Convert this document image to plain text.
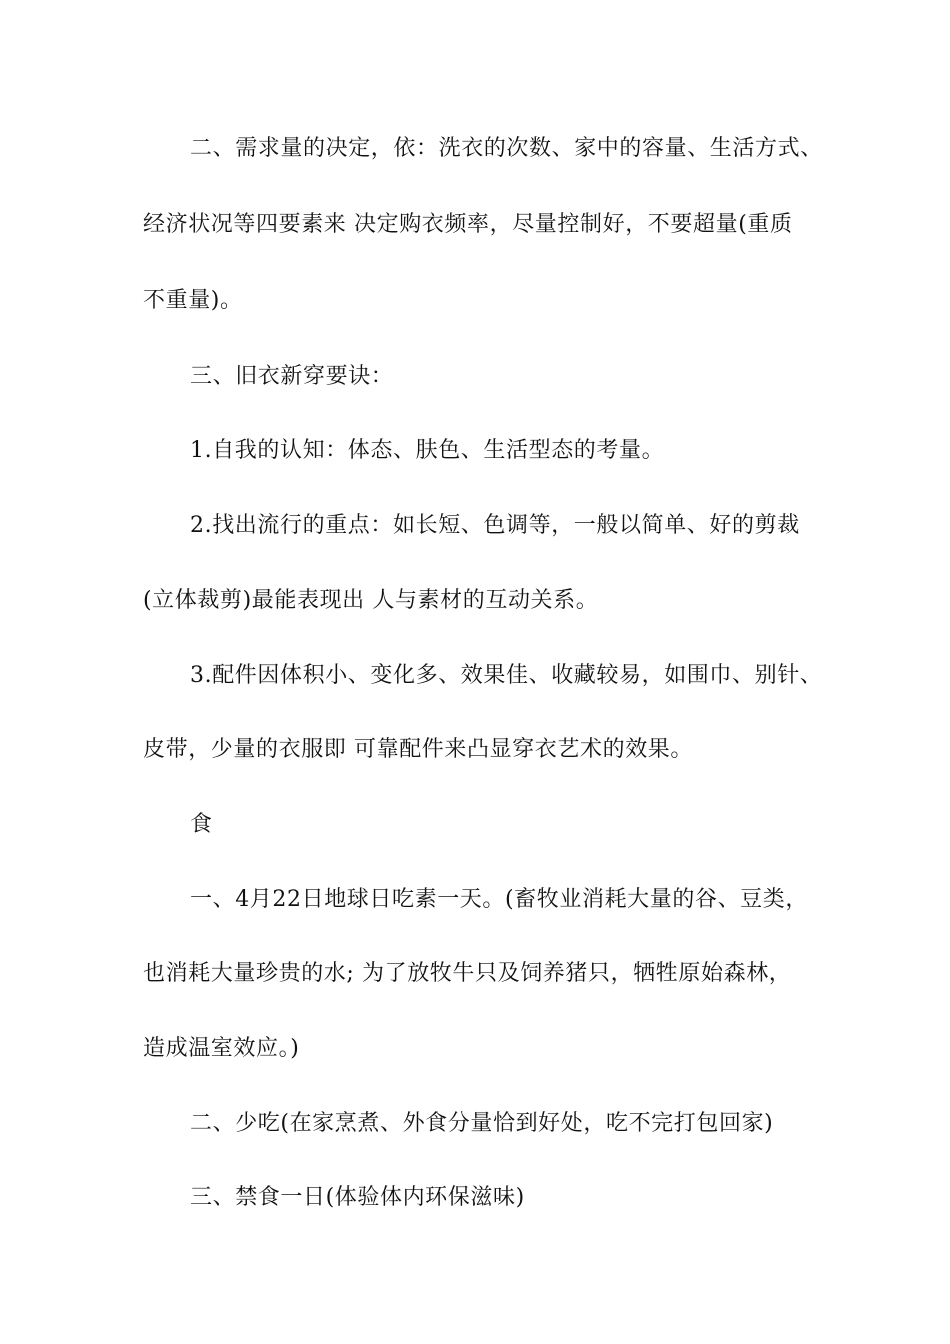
二、需求量的决定，依：洗衣的次数、家中的容量、生活方式、
经济状况等四要素来 决定购衣频率，尽量控制好，不要超量(重质
不重量)。
三、旧衣新穿要诀：
1.自我的认知：体态、肤色、生活型态的考量。
2.找出流行的重点：如长短、色调等，一般以简单、好的剪裁
(立体裁剪)最能表现出 人与素材的互动关系。
3.配件因体积小、变化多、效果佳、收藏较易，如围巾、别针、
皮带，少量的衣服即 可靠配件来凸显穿衣艺术的效果。
食
一、4月22日地球日吃素一天。(畜牧业消耗大量的谷、豆类，
也消耗大量珍贵的水; 为了放牧牛只及饲养猪只，牺牲原始森林，
造成温室效应。)
二、少吃(在家烹煮、外食分量恰到好处，吃不完打包回家)
三、禁食一日(体验体内环保滋味)
